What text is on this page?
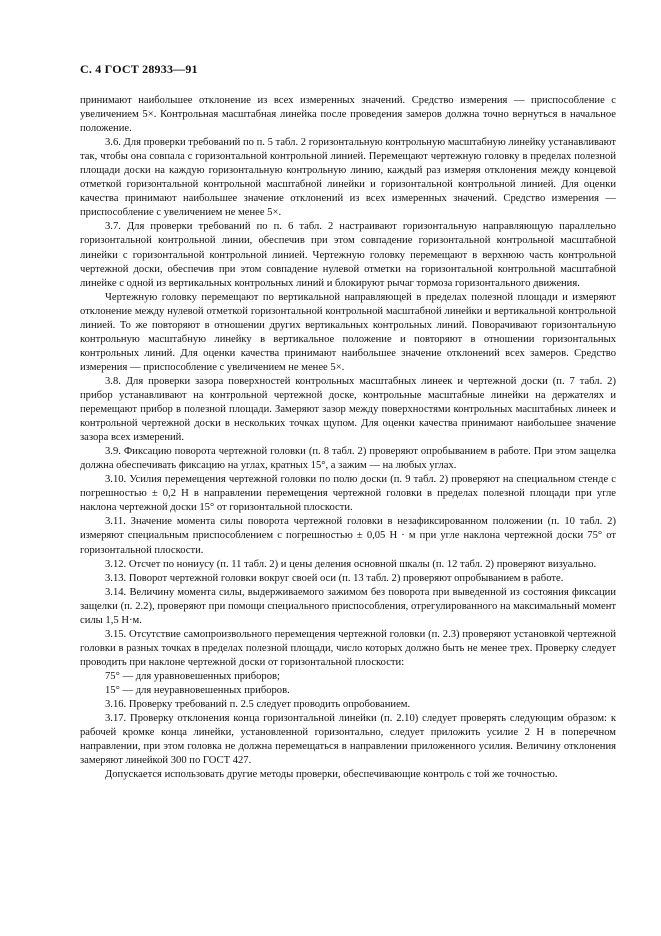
С. 4 ГОСТ 28933—91

принимают наибольшее отклонение из всех измеренных значений. Средство измерения — приспособление с увеличением 5×. Контрольная масштабная линейка после проведения замеров должна точно вернуться в начальное положение.

3.6. Для проверки требований по п. 5 табл. 2 горизонтальную контрольную масштабную линейку устанавливают так, чтобы она совпала с горизонтальной контрольной линией. Перемещают чертежную головку в пределах полезной площади доски на каждую горизонтальную контрольную линию, каждый раз измеряя отклонения между концевой отметкой горизонтальной контрольной масштабной линейки и горизонтальной контрольной линией. Для оценки качества принимают наибольшее значение отклонений из всех измеренных значений. Средство измерения — приспособление с увеличением не менее 5×.

3.7. Для проверки требований по п. 6 табл. 2 настраивают горизонтальную направляющую параллельно горизонтальной контрольной линии, обеспечив при этом совпадение горизонтальной контрольной масштабной линейки с горизонтальной контрольной линией. Чертежную головку перемещают в верхнюю часть контрольной чертежной доски, обеспечив при этом совпадение нулевой отметки на горизонтальной контрольной масштабной линейке с одной из вертикальных контрольных линий и блокируют рычаг тормоза горизонтального движения.

Чертежную головку перемещают по вертикальной направляющей в пределах полезной площади и измеряют отклонение между нулевой отметкой горизонтальной контрольной масштабной линейки и вертикальной контрольной линией. То же повторяют в отношении других вертикальных контрольных линий. Поворачивают горизонтальную контрольную масштабную линейку в вертикальное положение и повторяют в отношении горизонтальных контрольных линий. Для оценки качества принимают наибольшее значение отклонений всех замеров. Средство измерения — приспособление с увеличением не менее 5×.

3.8. Для проверки зазора поверхностей контрольных масштабных линеек и чертежной доски (п. 7 табл. 2) прибор устанавливают на контрольной чертежной доске, контрольные масштабные линейки на держателях и перемещают прибор в полезной площади. Замеряют зазор между поверхностями контрольных масштабных линеек и контрольной чертежной доски в нескольких точках щупом. Для оценки качества принимают наибольшее значение зазора всех измерений.

3.9. Фиксацию поворота чертежной головки (п. 8 табл. 2) проверяют опробыванием в работе. При этом защелка должна обеспечивать фиксацию на углах, кратных 15°, а зажим — на любых углах.

3.10. Усилия перемещения чертежной головки по полю доски (п. 9 табл. 2) проверяют на специальном стенде с погрешностью ± 0,2 Н в направлении перемещения чертежной головки в пределах полезной площади при угле наклона чертежной доски 15° от горизонтальной плоскости.

3.11. Значение момента силы поворота чертежной головки в незафиксированном положении (п. 10 табл. 2) измеряют специальным приспособлением с погрешностью ± 0,05 Н · м при угле наклона чертежной доски 75° от горизонтальной плоскости.

3.12. Отсчет по нониусу (п. 11 табл. 2) и цены деления основной шкалы (п. 12 табл. 2) проверяют визуально.

3.13. Поворот чертежной головки вокруг своей оси (п. 13 табл. 2) проверяют опробыванием в работе.

3.14. Величину момента силы, выдерживаемого зажимом без поворота при выведенной из состояния фиксации защелки (п. 2.2), проверяют при помощи специального приспособления, отрегулированного на максимальный момент силы 1,5 Н·м.

3.15. Отсутствие самопроизвольного перемещения чертежной головки (п. 2.3) проверяют установкой чертежной головки в разных точках в пределах полезной площади, число которых должно быть не менее трех. Проверку следует проводить при наклоне чертежной доски от горизонтальной плоскости:

75° — для уравновешенных приборов;

15° — для неуравновешенных приборов.

3.16. Проверку требований п. 2.5 следует проводить опробованием.

3.17. Проверку отклонения конца горизонтальной линейки (п. 2.10) следует проверять следующим образом: к рабочей кромке конца линейки, установленной горизонтально, следует приложить усилие 2 Н в поперечном направлении, при этом головка не должна перемещаться в направлении приложенного усилия. Величину отклонения замеряют линейкой 300 по ГОСТ 427.

Допускается использовать другие методы проверки, обеспечивающие контроль с той же точностью.
